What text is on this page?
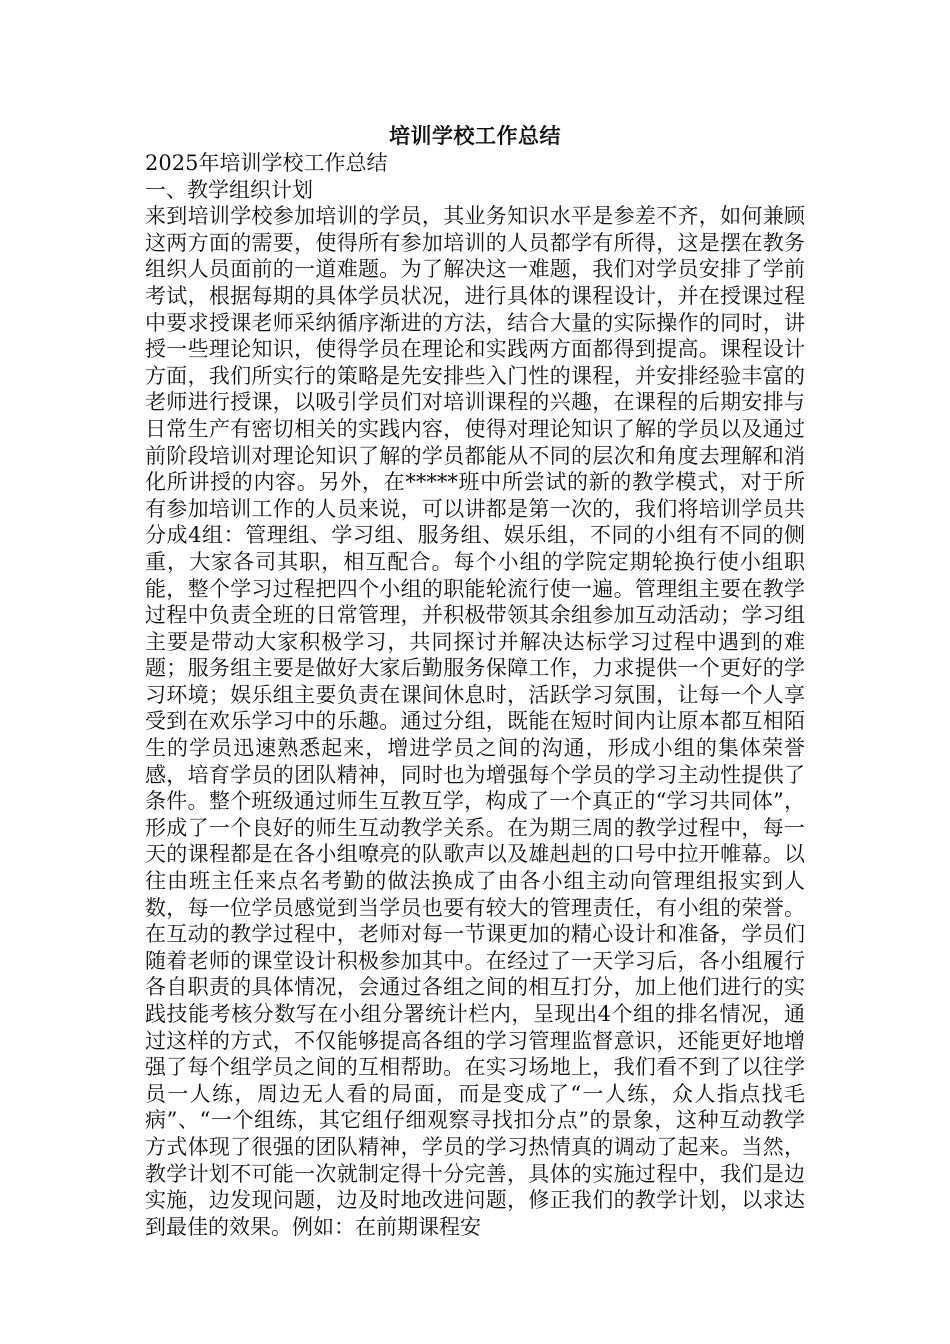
培训学校工作总结
2025年培训学校工作总结
一、教学组织计划

来到培训学校参加培训的学员，其业务知识水平是参差不齐，如何兼顾这两方面的需要，使得所有参加培训的人员都学有所得，这是摆在教务组织人员面前的一道难题。为了解决这一难题，我们对学员安排了学前考试，根据每期的具体学员状况，进行具体的课程设计，并在授课过程中要求授课老师采纳循序渐进的方法，结合大量的实际操作的同时，讲授一些理论知识，使得学员在理论和实践两方面都得到提高。课程设计方面，我们所实行的策略是先安排些入门性的课程，并安排经验丰富的老师进行授课，以吸引学员们对培训课程的兴趣，在课程的后期安排与日常生产有密切相关的实践内容，使得对理论知识了解的学员以及通过前阶段培训对理论知识了解的学员都能从不同的层次和角度去理解和消化所讲授的内容。另外，在*****班中所尝试的新的教学模式，对于所有参加培训工作的人员来说，可以讲都是第一次的，我们将培训学员共分成4组：管理组、学习组、服务组、娱乐组，不同的小组有不同的侧重，大家各司其职，相互配合。每个小组的学院定期轮换行使小组职能，整个学习过程把四个小组的职能轮流行使一遍。管理组主要在教学过程中负责全班的日常管理，并积极带领其余组参加互动活动；学习组主要是带动大家积极学习，共同探讨并解决达标学习过程中遇到的难题；服务组主要是做好大家后勤服务保障工作，力求提供一个更好的学习环境；娱乐组主要负责在课间休息时，活跃学习氛围，让每一个人享受到在欢乐学习中的乐趣。通过分组，既能在短时间内让原本都互相陌生的学员迅速熟悉起来，增进学员之间的沟通，形成小组的集体荣誉感，培育学员的团队精神，同时也为增强每个学员的学习主动性提供了条件。整个班级通过师生互教互学，构成了一个真正的“学习共同体”，形成了一个良好的师生互动教学关系。在为期三周的教学过程中，每一天的课程都是在各小组嘹亮的队歌声以及雄赳赳的口号中拉开帷幕。以往由班主任来点名考勤的做法换成了由各小组主动向管理组报实到人数，每一位学员感觉到当学员也要有较大的管理责任，有小组的荣誉。在互动的教学过程中，老师对每一节课更加的精心设计和准备，学员们随着老师的课堂设计积极参加其中。在经过了一天学习后，各小组履行各自职责的具体情况，会通过各组之间的相互打分，加上他们进行的实践技能考核分数写在小组分署统计栏内，呈现出4个组的排名情况，通过这样的方式，不仅能够提高各组的学习管理监督意识，还能更好地增强了每个组学员之间的互相帮助。在实习场地上，我们看不到了以往学员一人练，周边无人看的局面，而是变成了“一人练，众人指点找毛病”、“一个组练，其它组仔细观察寻找扣分点”的景象，这种互动教学方式体现了很强的团队精神，学员的学习热情真的调动了起来。当然，教学计划不可能一次就制定得十分完善，具体的实施过程中，我们是边实施，边发现问题，边及时地改进问题，修正我们的教学计划，以求达到最佳的效果。例如：在前期课程安
